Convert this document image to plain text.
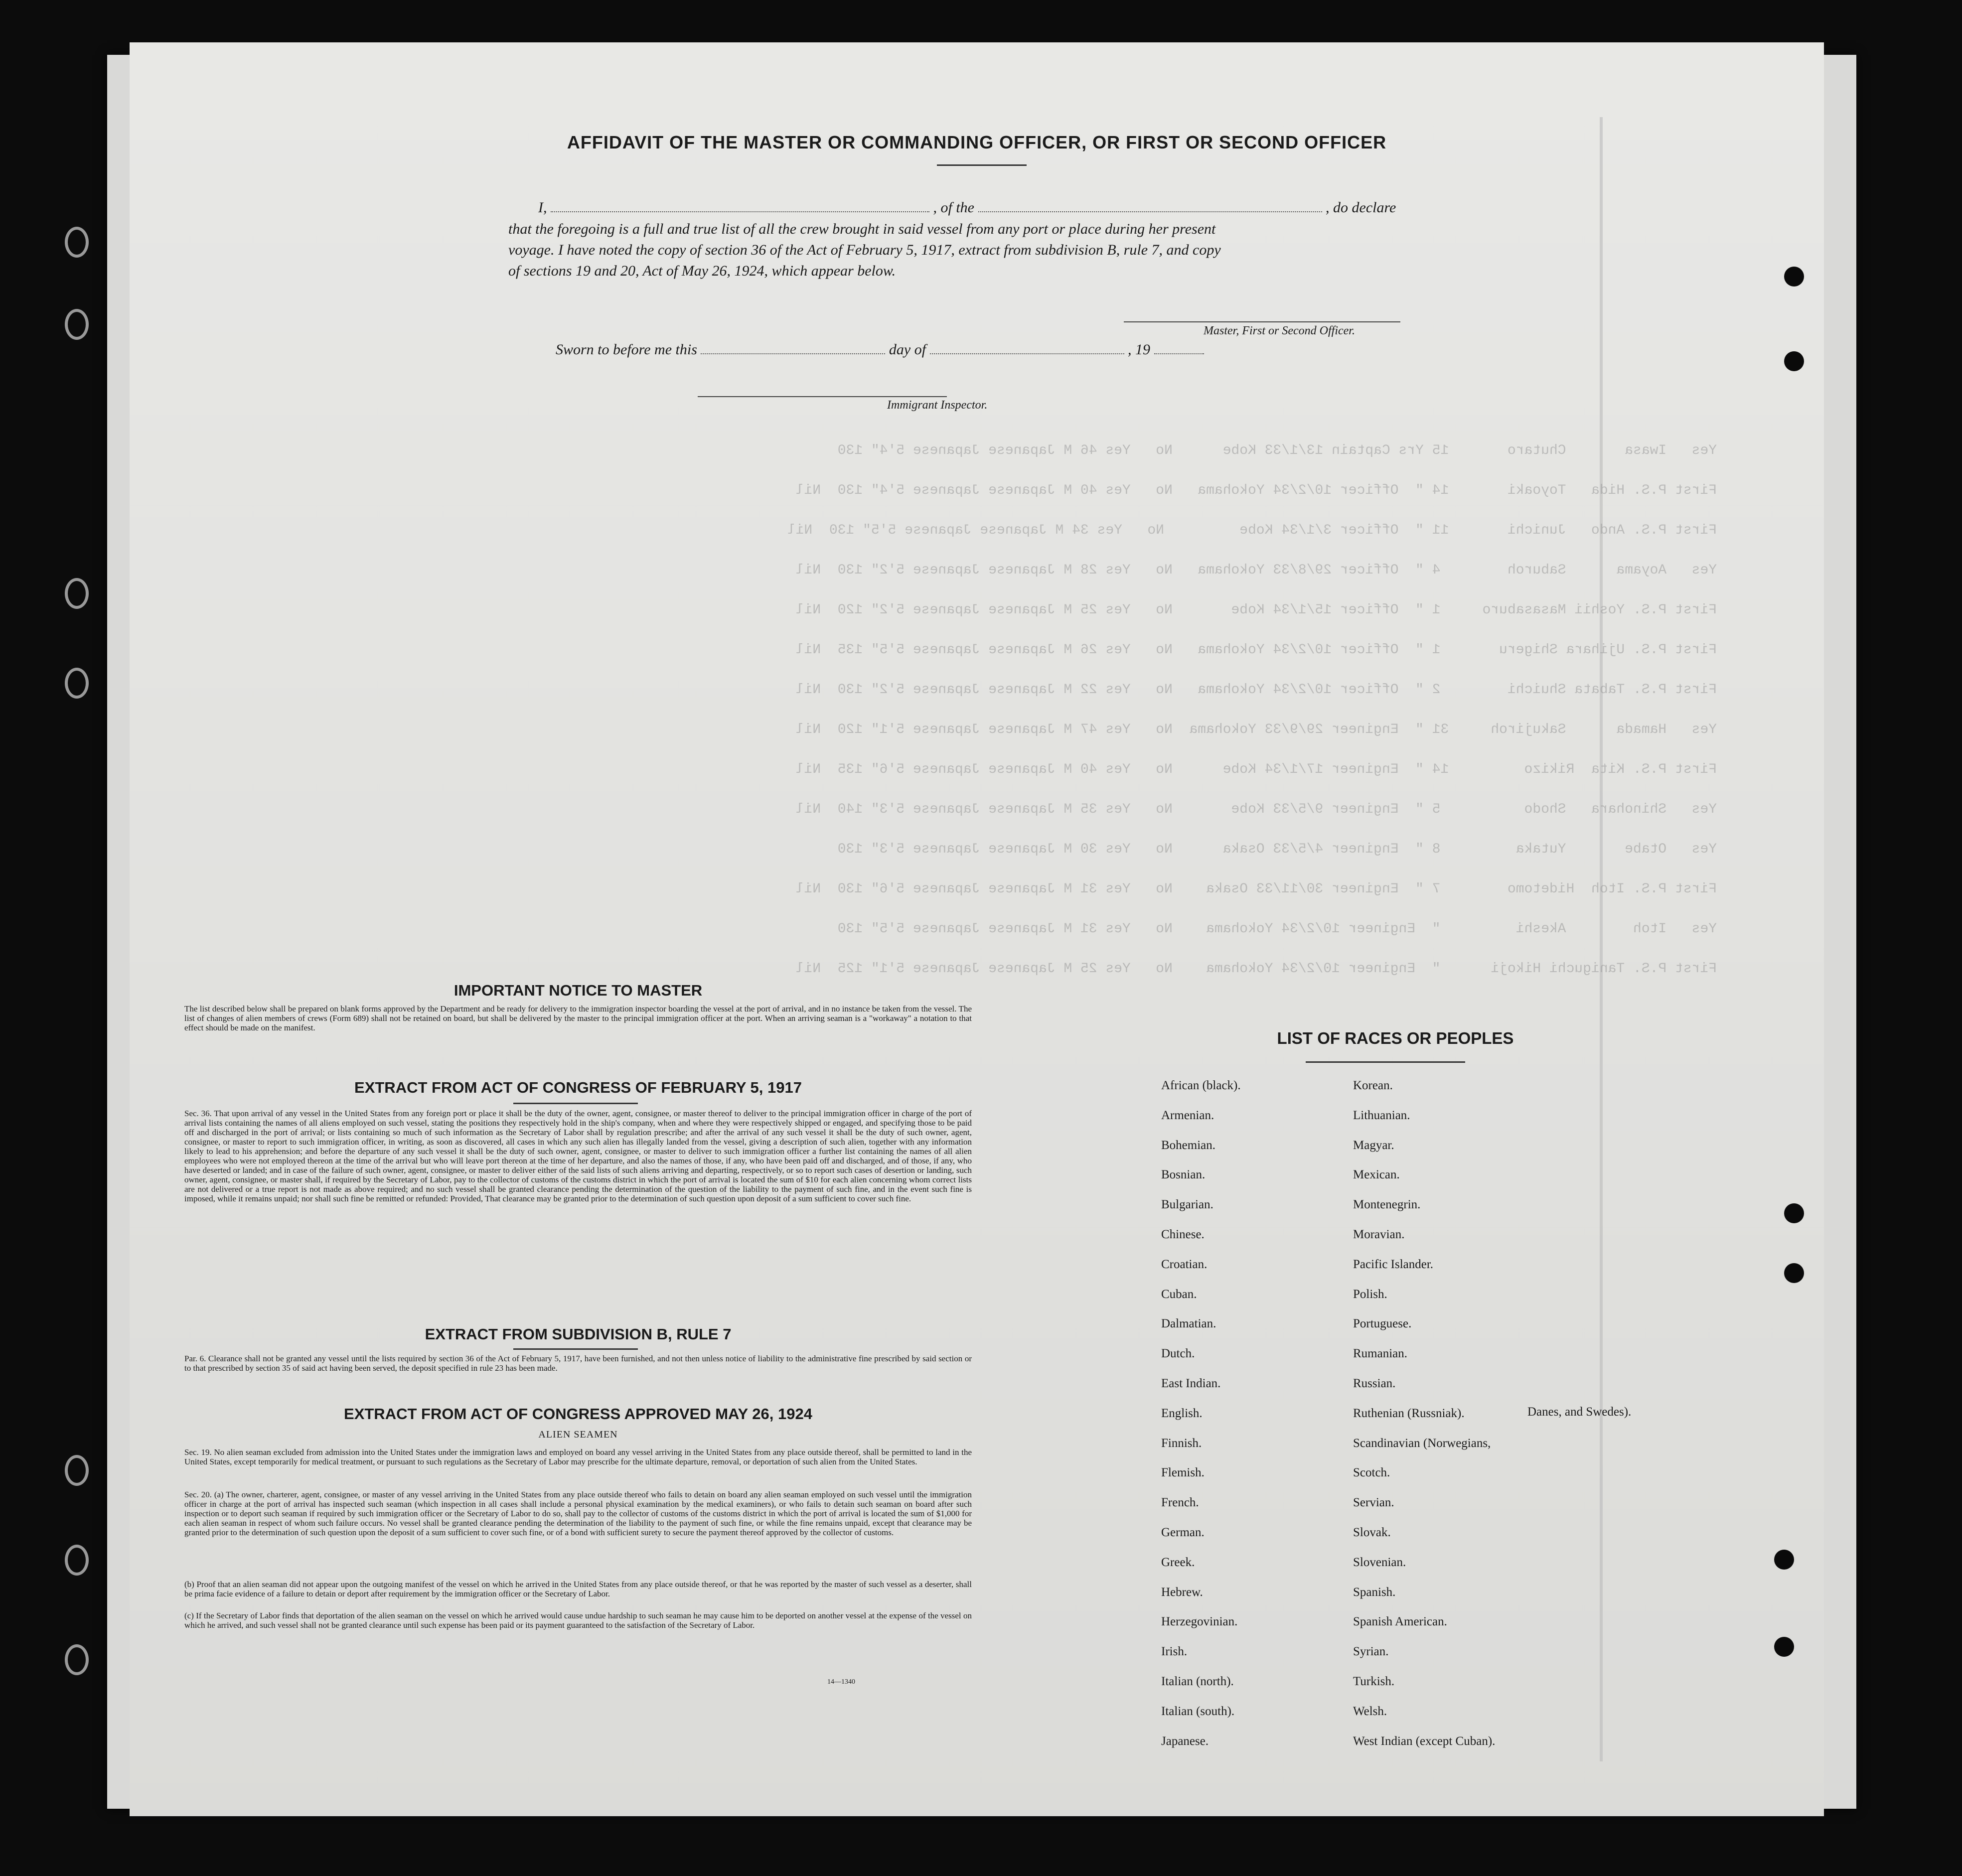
Yes   Iwasa       Chutaro       15 Yrs Captain 13/1/33 Kobe      No   Yes 46 M Japanese Japanese 5'4" 130
First P.S. Hida   Toyoaki       14 "  Officer 10/2/34 Yokohama   No   Yes 40 M Japanese Japanese 5'4" 130  Nil
First P.S. Ando   Junichi       11 "  Officer 3/1/34 Kobe         No   Yes 34 M Japanese Japanese 5'5" 130  Nil
Yes   Aoyama      Saburoh        4 "  Officer 29/8/33 Yokohama   No   Yes 28 M Japanese Japanese 5'2" 130  Nil
First P.S. Yoshii Masasaburo     1 "  Officer 15/1/34 Kobe       No   Yes 25 M Japanese Japanese 5'2" 120  Nil
First P.S. Ujihara Shigeru       1 "  Officer 10/2/34 Yokohama   No   Yes 26 M Japanese Japanese 5'5" 135  Nil
First P.S. Tabata Shuichi        2 "  Officer 10/2/34 Yokohama   No   Yes 22 M Japanese Japanese 5'2" 130  Nil
Yes   Hamada      Sakujiroh     31 "  Engineer 29/9/33 Yokohama  No   Yes 47 M Japanese Japanese 5'1" 120  Nil
First P.S. Kita  Rikizo         14 "  Engineer 17/1/34 Kobe      No   Yes 40 M Japanese Japanese 5'6" 135  Nil
Yes   Shinohara   Shodo          5 "  Engineer 9/5/33 Kobe       No   Yes 35 M Japanese Japanese 5'3" 140  Nil
Yes   Otabe       Yutaka         8 "  Engineer 4/5/33 Osaka      No   Yes 30 M Japanese Japanese 5'3" 130
First P.S. Itoh  Hidetomo        7 "  Engineer 30/11/33 Osaka    No   Yes 31 M Japanese Japanese 5'6" 130  Nil
Yes   Itoh        Akeshi         "  Engineer 10/2/34 Yokohama    No   Yes 31 M Japanese Japanese 5'5" 130
First P.S. Taniguchi Hikoji      "  Engineer 10/2/34 Yokohama    No   Yes 25 M Japanese Japanese 5'1" 125  Nil
AFFIDAVIT OF THE MASTER OR COMMANDING OFFICER, OR FIRST OR SECOND OFFICER
I,	, of the	, do declare
that the foregoing is a full and true list of all the crew brought in said vessel from any port or place during her present
voyage. I have noted the copy of section 36 of the Act of February 5, 1917, extract from subdivision B, rule 7, and copy
of sections 19 and 20, Act of May 26, 1924, which appear below.
Master, First or Second Officer.
Sworn to before me this	day of	, 19
Immigrant Inspector.
IMPORTANT NOTICE TO MASTER
The list described below shall be prepared on blank forms approved by the Department and be ready for delivery to the immigration inspector boarding the vessel at the port of arrival, and in no instance be taken from the vessel. The list of changes of alien members of crews (Form 689) shall not be retained on board, but shall be delivered by the master to the principal immigration officer at the port. When an arriving seaman is a "workaway" a notation to that effect should be made on the manifest.
EXTRACT FROM ACT OF CONGRESS OF FEBRUARY 5, 1917
Sec. 36. That upon arrival of any vessel in the United States from any foreign port or place it shall be the duty of the owner, agent, consignee, or master thereof to deliver to the principal immigration officer in charge of the port of arrival lists containing the names of all aliens employed on such vessel, stating the positions they respectively hold in the ship's company, when and where they were respectively shipped or engaged, and specifying those to be paid off and discharged in the port of arrival; or lists containing so much of such information as the Secretary of Labor shall by regulation prescribe; and after the arrival of any such vessel it shall be the duty of such owner, agent, consignee, or master to report to such immigration officer, in writing, as soon as discovered, all cases in which any such alien has illegally landed from the vessel, giving a description of such alien, together with any information likely to lead to his apprehension; and before the departure of any such vessel it shall be the duty of such owner, agent, consignee, or master to deliver to such immigration officer a further list containing the names of all alien employees who were not employed thereon at the time of the arrival but who will leave port thereon at the time of her departure, and also the names of those, if any, who have been paid off and discharged, and of those, if any, who have deserted or landed; and in case of the failure of such owner, agent, consignee, or master to deliver either of the said lists of such aliens arriving and departing, respectively, or so to report such cases of desertion or landing, such owner, agent, consignee, or master shall, if required by the Secretary of Labor, pay to the collector of customs of the customs district in which the port of arrival is located the sum of $10 for each alien concerning whom correct lists are not delivered or a true report is not made as above required; and no such vessel shall be granted clearance pending the determination of the question of the liability to the payment of such fine, and in the event such fine is imposed, while it remains unpaid; nor shall such fine be remitted or refunded: Provided, That clearance may be granted prior to the determination of such question upon deposit of a sum sufficient to cover such fine.
EXTRACT FROM SUBDIVISION B, RULE 7
Par. 6. Clearance shall not be granted any vessel until the lists required by section 36 of the Act of February 5, 1917, have been furnished, and not then unless notice of liability to the administrative fine prescribed by said section or to that prescribed by section 35 of said act having been served, the deposit specified in rule 23 has been made.
EXTRACT FROM ACT OF CONGRESS APPROVED MAY 26, 1924
ALIEN SEAMEN
Sec. 19. No alien seaman excluded from admission into the United States under the immigration laws and employed on board any vessel arriving in the United States from any place outside thereof, shall be permitted to land in the United States, except temporarily for medical treatment, or pursuant to such regulations as the Secretary of Labor may prescribe for the ultimate departure, removal, or deportation of such alien from the United States.
Sec. 20. (a) The owner, charterer, agent, consignee, or master of any vessel arriving in the United States from any place outside thereof who fails to detain on board any alien seaman employed on such vessel until the immigration officer in charge at the port of arrival has inspected such seaman (which inspection in all cases shall include a personal physical examination by the medical examiners), or who fails to detain such seaman on board after such inspection or to deport such seaman if required by such immigration officer or the Secretary of Labor to do so, shall pay to the collector of customs of the customs district in which the port of arrival is located the sum of $1,000 for each alien seaman in respect of whom such failure occurs. No vessel shall be granted clearance pending the determination of the liability to the payment of such fine, or while the fine remains unpaid, except that clearance may be granted prior to the determination of such question upon the deposit of a sum sufficient to cover such fine, or of a bond with sufficient surety to secure the payment thereof approved by the collector of customs.
(b) Proof that an alien seaman did not appear upon the outgoing manifest of the vessel on which he arrived in the United States from any place outside thereof, or that he was reported by the master of such vessel as a deserter, shall be prima facie evidence of a failure to detain or deport after requirement by the immigration officer or the Secretary of Labor.
(c) If the Secretary of Labor finds that deportation of the alien seaman on the vessel on which he arrived would cause undue hardship to such seaman he may cause him to be deported on another vessel at the expense of the vessel on which he arrived, and such vessel shall not be granted clearance until such expense has been paid or its payment guaranteed to the satisfaction of the Secretary of Labor.
14—1340
LIST OF RACES OR PEOPLES
African (black).
Armenian.
Bohemian.
Bosnian.
Bulgarian.
Chinese.
Croatian.
Cuban.
Dalmatian.
Dutch.
East Indian.
English.
Finnish.
Flemish.
French.
German.
Greek.
Hebrew.
Herzegovinian.
Irish.
Italian (north).
Italian (south).
Japanese.
Korean.
Lithuanian.
Magyar.
Mexican.
Montenegrin.
Moravian.
Pacific Islander.
Polish.
Portuguese.
Rumanian.
Russian.
Ruthenian (Russniak).
Scandinavian (Norwegians,
Scotch.
Servian.
Slovak.
Slovenian.
Spanish.
Spanish American.
Syrian.
Turkish.
Welsh.
West Indian (except Cuban).
Danes, and Swedes).
